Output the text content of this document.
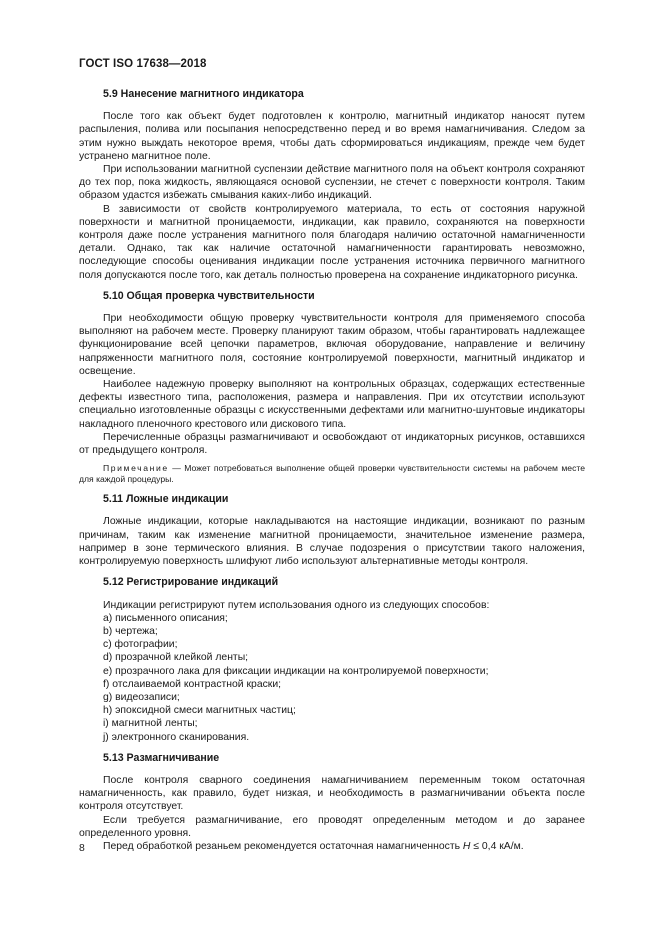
ГОСТ ISO 17638—2018
5.9 Нанесение магнитного индикатора

После того как объект будет подготовлен к контролю, магнитный индикатор наносят путем распыления, полива или посыпания непосредственно перед и во время намагничивания. Следом за этим нужно выждать некоторое время, чтобы дать сформироваться индикациям, прежде чем будет устранено магнитное поле.

При использовании магнитной суспензии действие магнитного поля на объект контроля сохраняют до тех пор, пока жидкость, являющаяся основой суспензии, не стечет с поверхности контроля. Таким образом удастся избежать смывания каких-либо индикаций.

В зависимости от свойств контролируемого материала, то есть от состояния наружной поверхности и магнитной проницаемости, индикации, как правило, сохраняются на поверхности контроля даже после устранения магнитного поля благодаря наличию остаточной намагниченности детали. Однако, так как наличие остаточной намагниченности гарантировать невозможно, последующие способы оценивания индикации после устранения источника первичного магнитного поля допускаются после того, как деталь полностью проверена на сохранение индикаторного рисунка.

5.10 Общая проверка чувствительности

При необходимости общую проверку чувствительности контроля для применяемого способа выполняют на рабочем месте. Проверку планируют таким образом, чтобы гарантировать надлежащее функционирование всей цепочки параметров, включая оборудование, направление и величину напряженности магнитного поля, состояние контролируемой поверхности, магнитный индикатор и освещение.

Наиболее надежную проверку выполняют на контрольных образцах, содержащих естественные дефекты известного типа, расположения, размера и направления. При их отсутствии используют специально изготовленные образцы с искусственными дефектами или магнитно-шунтовые индикаторы накладного пленочного крестового или дискового типа.

Перечисленные образцы размагничивают и освобождают от индикаторных рисунков, оставшихся от предыдущего контроля.

Примечание — Может потребоваться выполнение общей проверки чувствительности системы на рабочем месте для каждой процедуры.
5.11 Ложные индикации

Ложные индикации, которые накладываются на настоящие индикации, возникают по разным причинам, таким как изменение магнитной проницаемости, значительное изменение размера, например в зоне термического влияния. В случае подозрения о присутствии такого наложения, контролируемую поверхность шлифуют либо используют альтернативные методы контроля.

5.12 Регистрирование индикаций
Индикации регистрируют путем использования одного из следующих способов:
a) письменного описания;
b) чертежа;
c) фотографии;
d) прозрачной клейкой ленты;
e) прозрачного лака для фиксации индикации на контролируемой поверхности;
f) отслаиваемой контрастной краски;
g) видеозаписи;
h) эпоксидной смеси магнитных частиц;
i) магнитной ленты;
j) электронного сканирования.
5.13 Размагничивание

После контроля сварного соединения намагничиванием переменным током остаточная намагниченность, как правило, будет низкая, и необходимость в размагничивании объекта после контроля отсутствует.

Если требуется размагничивание, его проводят определенным методом и до заранее определенного уровня.

Перед обработкой резаньем рекомендуется остаточная намагниченность H ≤ 0,4 кА/м.

8
